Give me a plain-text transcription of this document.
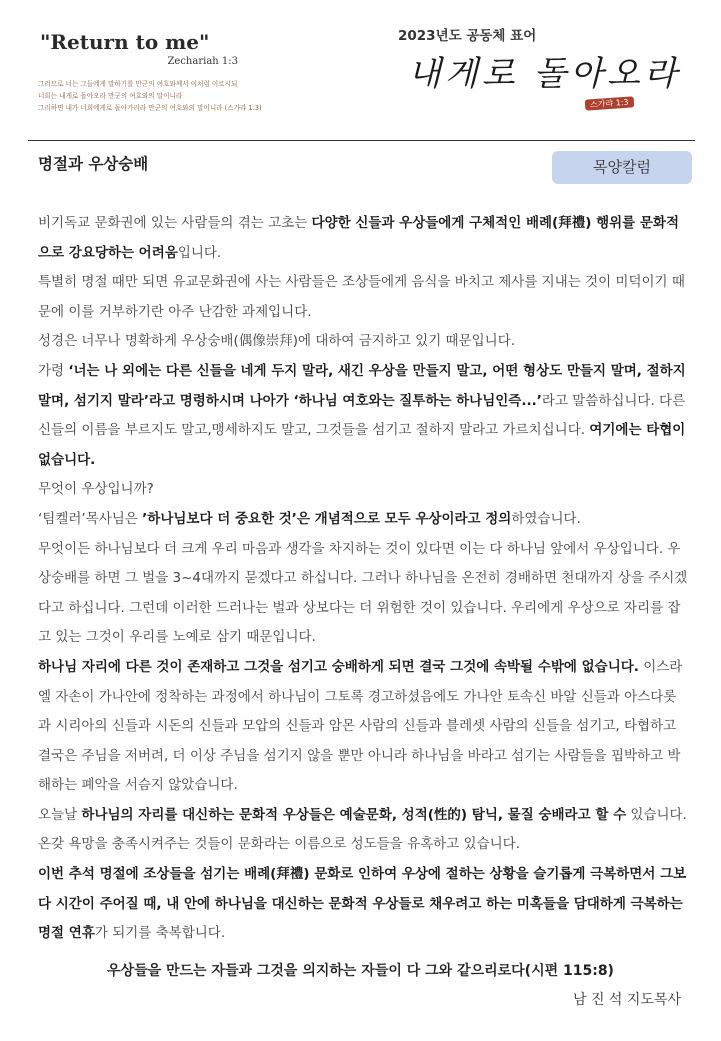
"Return to me"
Zechariah 1:3
그러므로 너는 그들에게 말하기를 만군의 여호와께서 이처럼 이르시되
너희는 내게로 돌아오라 만군의 여호와의 말이니라
그리하면 내가 너희에게로 돌아가리라 만군의 여호와의 말이니라 (스가랴 1:3)
2023년도 공동체 표어
내게로 돌아오라
스가랴 1:3
명절과 우상숭배	목양칼럼

비기독교 문화권에 있는 사람들의 겪는 고초는 다양한 신들과 우상들에게 구체적인 배례(拜禮) 행위를 문화적으로 강요당하는 어려움입니다.

특별히 명절 때만 되면 유교문화권에 사는 사람들은 조상들에게 음식을 바치고 제사를 지내는 것이 미덕이기 때문에 이를 거부하기란 아주 난감한 과제입니다.

성경은 너무나 명확하게 우상숭배(偶像崇拜)에 대하여 금지하고 있기 때문입니다.

가령 ‘너는 나 외에는 다른 신들을 네게 두지 말라, 새긴 우상을 만들지 말고, 어떤 형상도 만들지 말며, 절하지 말며, 섬기지 말라’라고 명령하시며 나아가 ‘하나님 여호와는 질투하는 하나님인즉...’라고 말씀하십니다. 다른 신들의 이름을 부르지도 말고,맹세하지도 말고, 그것들을 섬기고 절하지 말라고 가르치십니다. 여기에는 타협이 없습니다.

무엇이 우상입니까?

‘팀켈러’목사님은 ’하나님보다 더 중요한 것’은 개념적으로 모두 우상이라고 정의하였습니다.

무엇이든 하나님보다 더 크게 우리 마음과 생각을 차지하는 것이 있다면 이는 다 하나님 앞에서 우상입니다. 우상숭배를 하면 그 벌을 3~4대까지 묻겠다고 하십니다. 그러나 하나님을 온전히 경배하면 천대까지 상을 주시겠다고 하십니다. 그런데 이러한 드러나는 벌과 상보다는 더 위험한 것이 있습니다. 우리에게 우상으로 자리를 잡고 있는 그것이 우리를 노예로 삼기 때문입니다.

하나님 자리에 다른 것이 존재하고 그것을 섬기고 숭배하게 되면 결국 그것에 속박될 수밖에 없습니다. 이스라엘 자손이 가나안에 정착하는 과정에서 하나님이 그토록 경고하셨음에도 가나안 토속신 바알 신들과 아스다롯과 시리아의 신들과 시돈의 신들과 모압의 신들과 암몬 사람의 신들과 블레셋 사람의 신들을 섬기고, 타협하고 결국은 주님을 저버려, 더 이상 주님을 섬기지 않을 뿐만 아니라 하나님을 바라고 섬기는 사람들을 핍박하고 박해하는 폐악을 서슴지 않았습니다.

오늘날 하나님의 자리를 대신하는 문화적 우상들은 예술문화, 성적(性的) 탐닉, 물질 숭배라고 할 수 있습니다. 온갖 욕망을 충족시켜주는 것들이 문화라는 이름으로 성도들을 유혹하고 있습니다.

이번 추석 명절에 조상들을 섬기는 배례(拜禮) 문화로 인하여 우상에 절하는 상황을 슬기롭게 극복하면서 그보다 시간이 주어질 때, 내 안에 하나님을 대신하는 문화적 우상들로 채우려고 하는 미혹들을 담대하게 극복하는 명절 연휴가 되기를 축복합니다.

우상들을 만드는 자들과 그것을 의지하는 자들이 다 그와 같으리로다(시편 115:8)
남 진 석 지도목사
